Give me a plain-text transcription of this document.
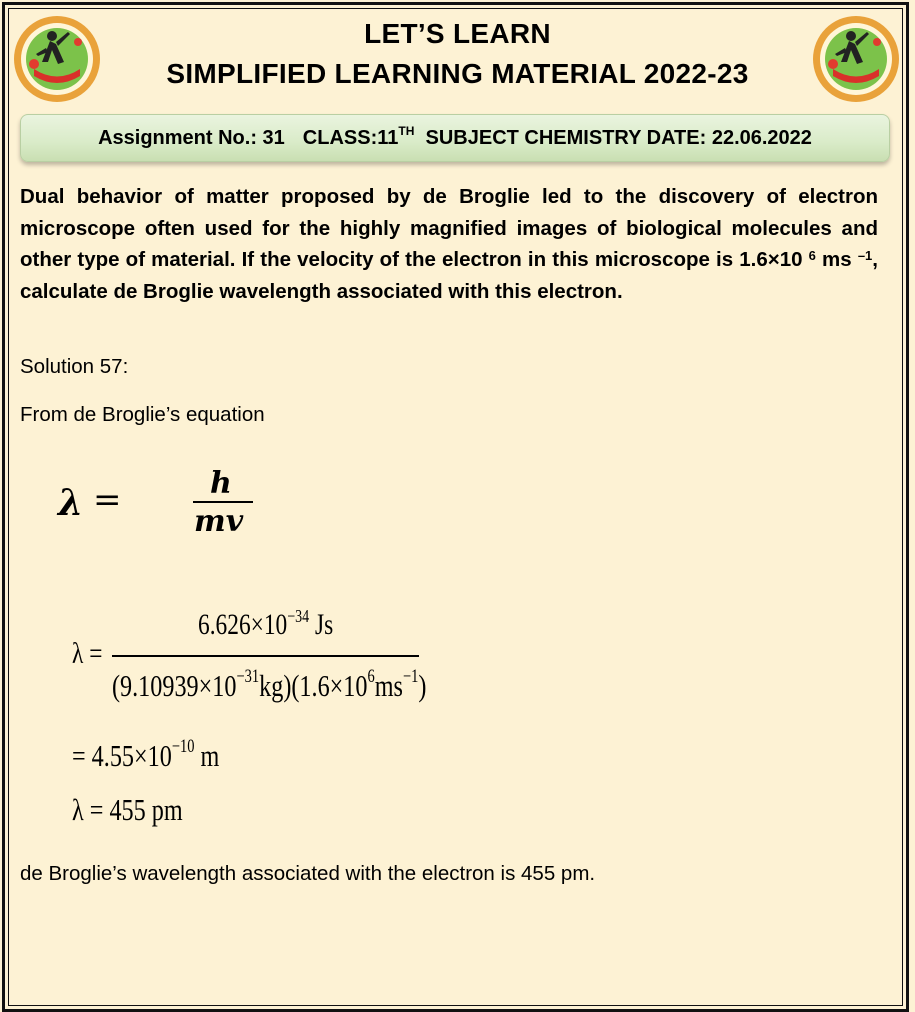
LET’S LEARN
SIMPLIFIED LEARNING MATERIAL 2022-23
Assignment No.: 31 CLASS:11TH SUBJECT CHEMISTRY DATE: 22.06.2022
Dual behavior of matter proposed by de Broglie led to the discovery of electron microscope often used for the highly magnified images of biological molecules and other type of material. If the velocity of the electron in this microscope is 1.6×10 $^6$ ms $^{-1}$, calculate de Broglie wavelength associated with this electron.
Solution 57:
From de Broglie’s equation
λ =	h
mv
λ =
$6.626\times 10^{-34}$ Js
$(9.10939\times 10^{-31}kg)(1.6\times 10^6ms^{-1})$
= $4.55\times 10^{-10}$ m
λ = 455 pm
de Broglie’s wavelength associated with the electron is 455 pm.
